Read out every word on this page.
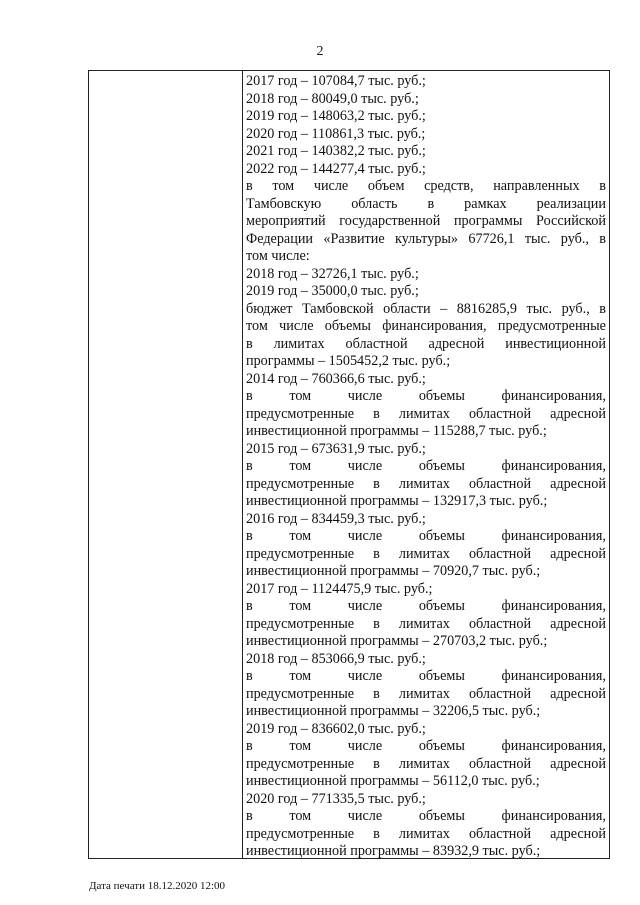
2
2017 год – 107084,7 тыс. руб.;
2018 год – 80049,0 тыс. руб.;
2019 год – 148063,2 тыс. руб.;
2020 год – 110861,3 тыс. руб.;
2021 год – 140382,2 тыс. руб.;
2022 год – 144277,4 тыс. руб.;
в том числе объем средств, направленных в
Тамбовскую область в рамках реализации
мероприятий государственной программы Российской
Федерации «Развитие культуры» 67726,1 тыс. руб., в
том числе:
2018 год – 32726,1 тыс. руб.;
2019 год – 35000,0 тыс. руб.;
бюджет Тамбовской области – 8816285,9 тыс. руб., в
том числе объемы финансирования, предусмотренные
в лимитах областной адресной инвестиционной
программы – 1505452,2 тыс. руб.;
2014 год – 760366,6 тыс. руб.;
в	том	числе	объемы	финансирования,
предусмотренные в лимитах областной адресной
инвестиционной программы – 115288,7 тыс. руб.;
2015 год – 673631,9 тыс. руб.;
в	том	числе	объемы	финансирования,
предусмотренные в лимитах областной адресной
инвестиционной программы – 132917,3 тыс. руб.;
2016 год – 834459,3 тыс. руб.;
в	том	числе	объемы	финансирования,
предусмотренные в лимитах областной адресной
инвестиционной программы – 70920,7 тыс. руб.;
2017 год – 1124475,9 тыс. руб.;
в	том	числе	объемы	финансирования,
предусмотренные в лимитах областной адресной
инвестиционной программы – 270703,2 тыс. руб.;
2018 год – 853066,9 тыс. руб.;
в	том	числе	объемы	финансирования,
предусмотренные в лимитах областной адресной
инвестиционной программы – 32206,5 тыс. руб.;
2019 год – 836602,0 тыс. руб.;
в	том	числе	объемы	финансирования,
предусмотренные в лимитах областной адресной
инвестиционной программы – 56112,0 тыс. руб.;
2020 год – 771335,5 тыс. руб.;
в	том	числе	объемы	финансирования,
предусмотренные в лимитах областной адресной
инвестиционной программы – 83932,9 тыс. руб.;
Дата печати 18.12.2020 12:00
